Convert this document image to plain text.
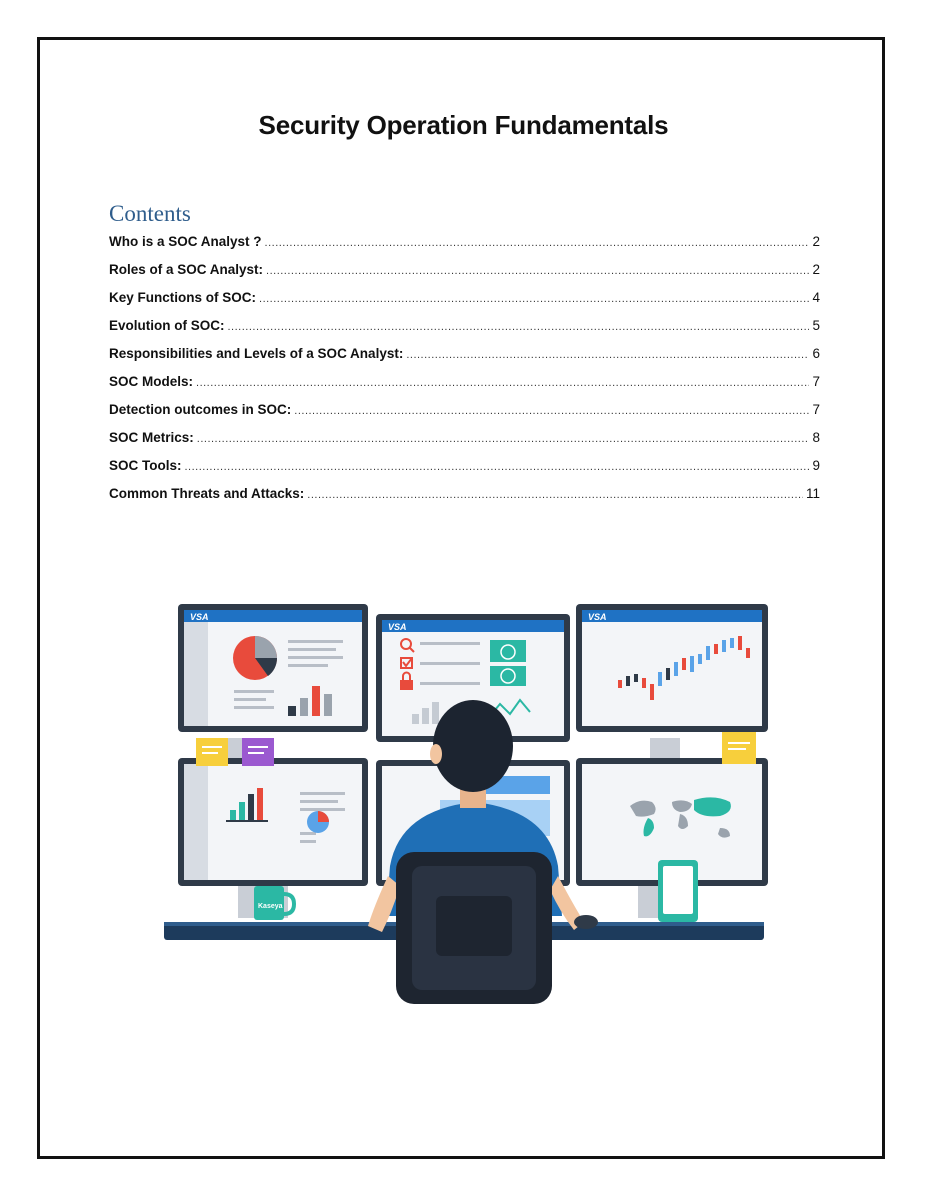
Security Operation Fundamentals
Contents
Who is a SOC Analyst ? .....	2
Roles of a SOC Analyst: .....	2
Key Functions of SOC: .....	4
Evolution of SOC: .....	5
Responsibilities and Levels of a SOC Analyst: .....	6
SOC Models: .....	7
Detection outcomes in SOC: .....	7
SOC Metrics: .....	8
SOC Tools: .....	9
Common Threats and Attacks: .....	11
VSA
VSA
VSA
Kaseya
